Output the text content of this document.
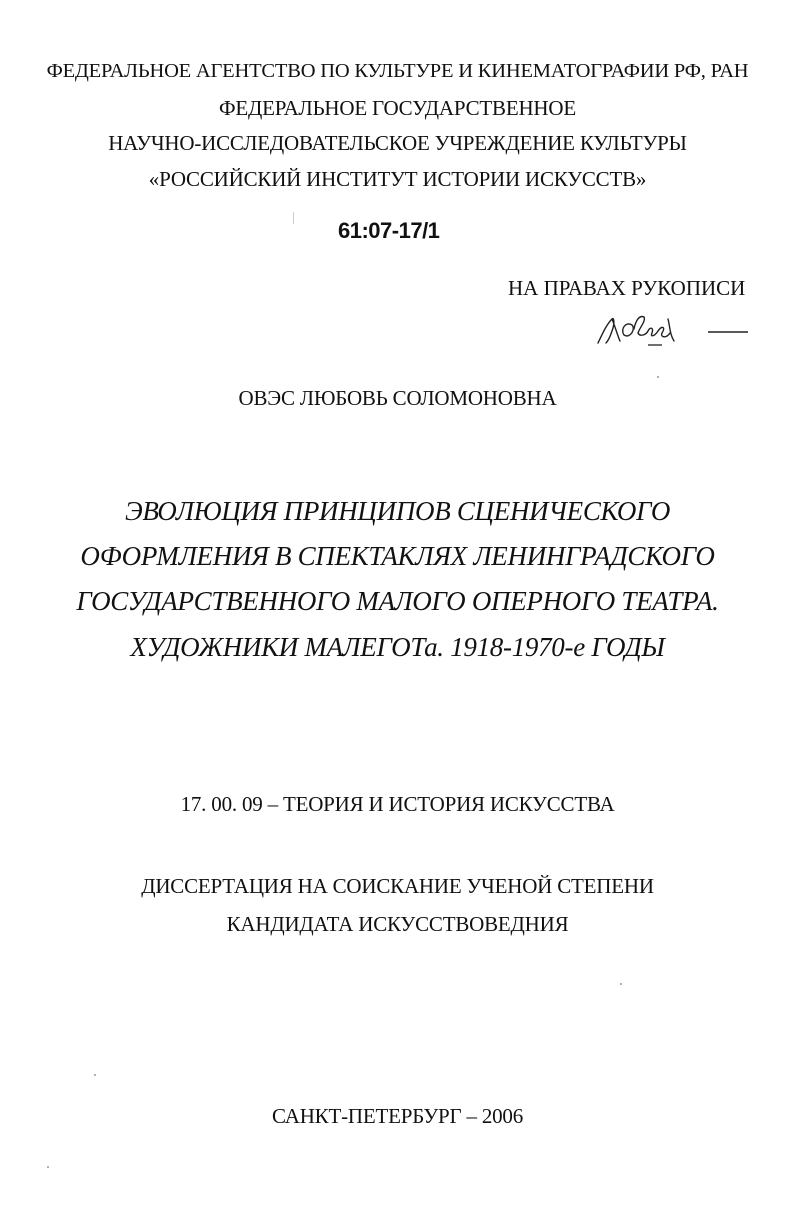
ФЕДЕРАЛЬНОЕ АГЕНТСТВО ПО КУЛЬТУРЕ И КИНЕМАТОГРАФИИ РФ, РАН
ФЕДЕРАЛЬНОЕ ГОСУДАРСТВЕННОЕ
НАУЧНО-ИССЛЕДОВАТЕЛЬСКОЕ УЧРЕЖДЕНИЕ КУЛЬТУРЫ
«РОССИЙСКИЙ ИНСТИТУТ ИСТОРИИ ИСКУССТВ»
61:07-17/1
НА ПРАВАХ РУКОПИСИ
ОВЭС ЛЮБОВЬ СОЛОМОНОВНА
ЭВОЛЮЦИЯ ПРИНЦИПОВ СЦЕНИЧЕСКОГО
ОФОРМЛЕНИЯ В СПЕКТАКЛЯХ ЛЕНИНГРАДСКОГО
ГОСУДАРСТВЕННОГО МАЛОГО ОПЕРНОГО ТЕАТРА.
ХУДОЖНИКИ МАЛЕГОТа. 1918-1970-е ГОДЫ
17. 00. 09 – ТЕОРИЯ И ИСТОРИЯ ИСКУССТВА
ДИССЕРТАЦИЯ НА СОИСКАНИЕ УЧЕНОЙ СТЕПЕНИ
КАНДИДАТА ИСКУССТВОВЕДНИЯ
САНКТ-ПЕТЕРБУРГ – 2006
